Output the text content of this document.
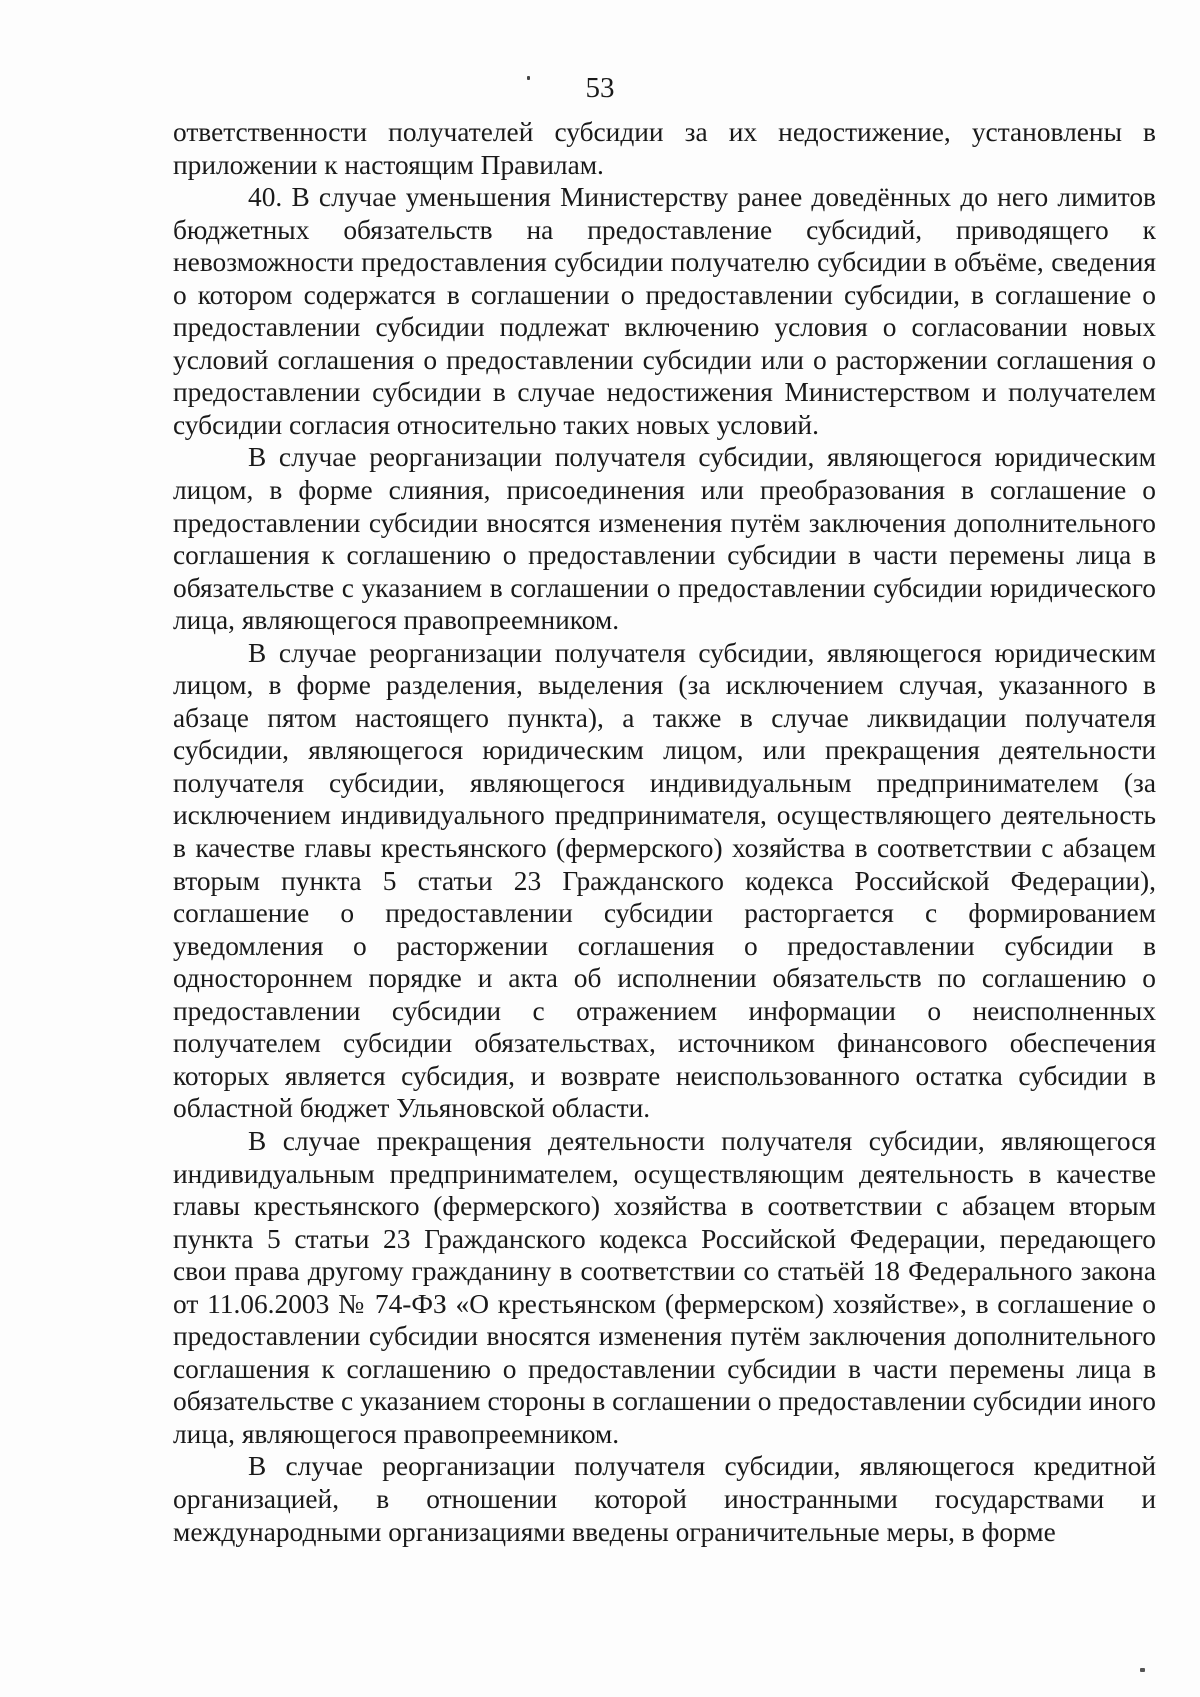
53

ответственности получателей субсидии за их недостижение, установлены в приложении к настоящим Правилам.

40. В случае уменьшения Министерству ранее доведённых до него лимитов бюджетных обязательств на предоставление субсидий, приводящего к невозможности предоставления субсидии получателю субсидии в объёме, сведения о котором содержатся в соглашении о предоставлении субсидии, в соглашение о предоставлении субсидии подлежат включению условия о согласовании новых условий соглашения о предоставлении субсидии или о расторжении соглашения о предоставлении субсидии в случае недостижения Министерством и получателем субсидии согласия относительно таких новых условий.

В случае реорганизации получателя субсидии, являющегося юридическим лицом, в форме слияния, присоединения или преобразования в соглашение о предоставлении субсидии вносятся изменения путём заключения дополнительного соглашения к соглашению о предоставлении субсидии в части перемены лица в обязательстве с указанием в соглашении о предоставлении субсидии юридического лица, являющегося правопреемником.

В случае реорганизации получателя субсидии, являющегося юридическим лицом, в форме разделения, выделения (за исключением случая, указанного в абзаце пятом настоящего пункта), а также в случае ликвидации получателя субсидии, являющегося юридическим лицом, или прекращения деятельности получателя субсидии, являющегося индивидуальным предпринимателем (за исключением индивидуального предпринимателя, осуществляющего деятельность в качестве главы крестьянского (фермерского) хозяйства в соответствии с абзацем вторым пункта 5 статьи 23 Гражданского кодекса Российской Федерации), соглашение о предоставлении субсидии расторгается с формированием уведомления о расторжении соглашения о предоставлении субсидии в одностороннем порядке и акта об исполнении обязательств по соглашению о предоставлении субсидии с отражением информации о неисполненных получателем субсидии обязательствах, источником финансового обеспечения которых является субсидия, и возврате неиспользованного остатка субсидии в областной бюджет Ульяновской области.

В случае прекращения деятельности получателя субсидии, являющегося индивидуальным предпринимателем, осуществляющим деятельность в качестве главы крестьянского (фермерского) хозяйства в соответствии с абзацем вторым пункта 5 статьи 23 Гражданского кодекса Российской Федерации, передающего свои права другому гражданину в соответствии со статьёй 18 Федерального закона от 11.06.2003 № 74-ФЗ «О крестьянском (фермерском) хозяйстве», в соглашение о предоставлении субсидии вносятся изменения путём заключения дополнительного соглашения к соглашению о предоставлении субсидии в части перемены лица в обязательстве с указанием стороны в соглашении о предоставлении субсидии иного лица, являющегося правопреемником.

В случае реорганизации получателя субсидии, являющегося кредитной организацией, в отношении которой иностранными государствами и международными организациями введены ограничительные меры, в форме
